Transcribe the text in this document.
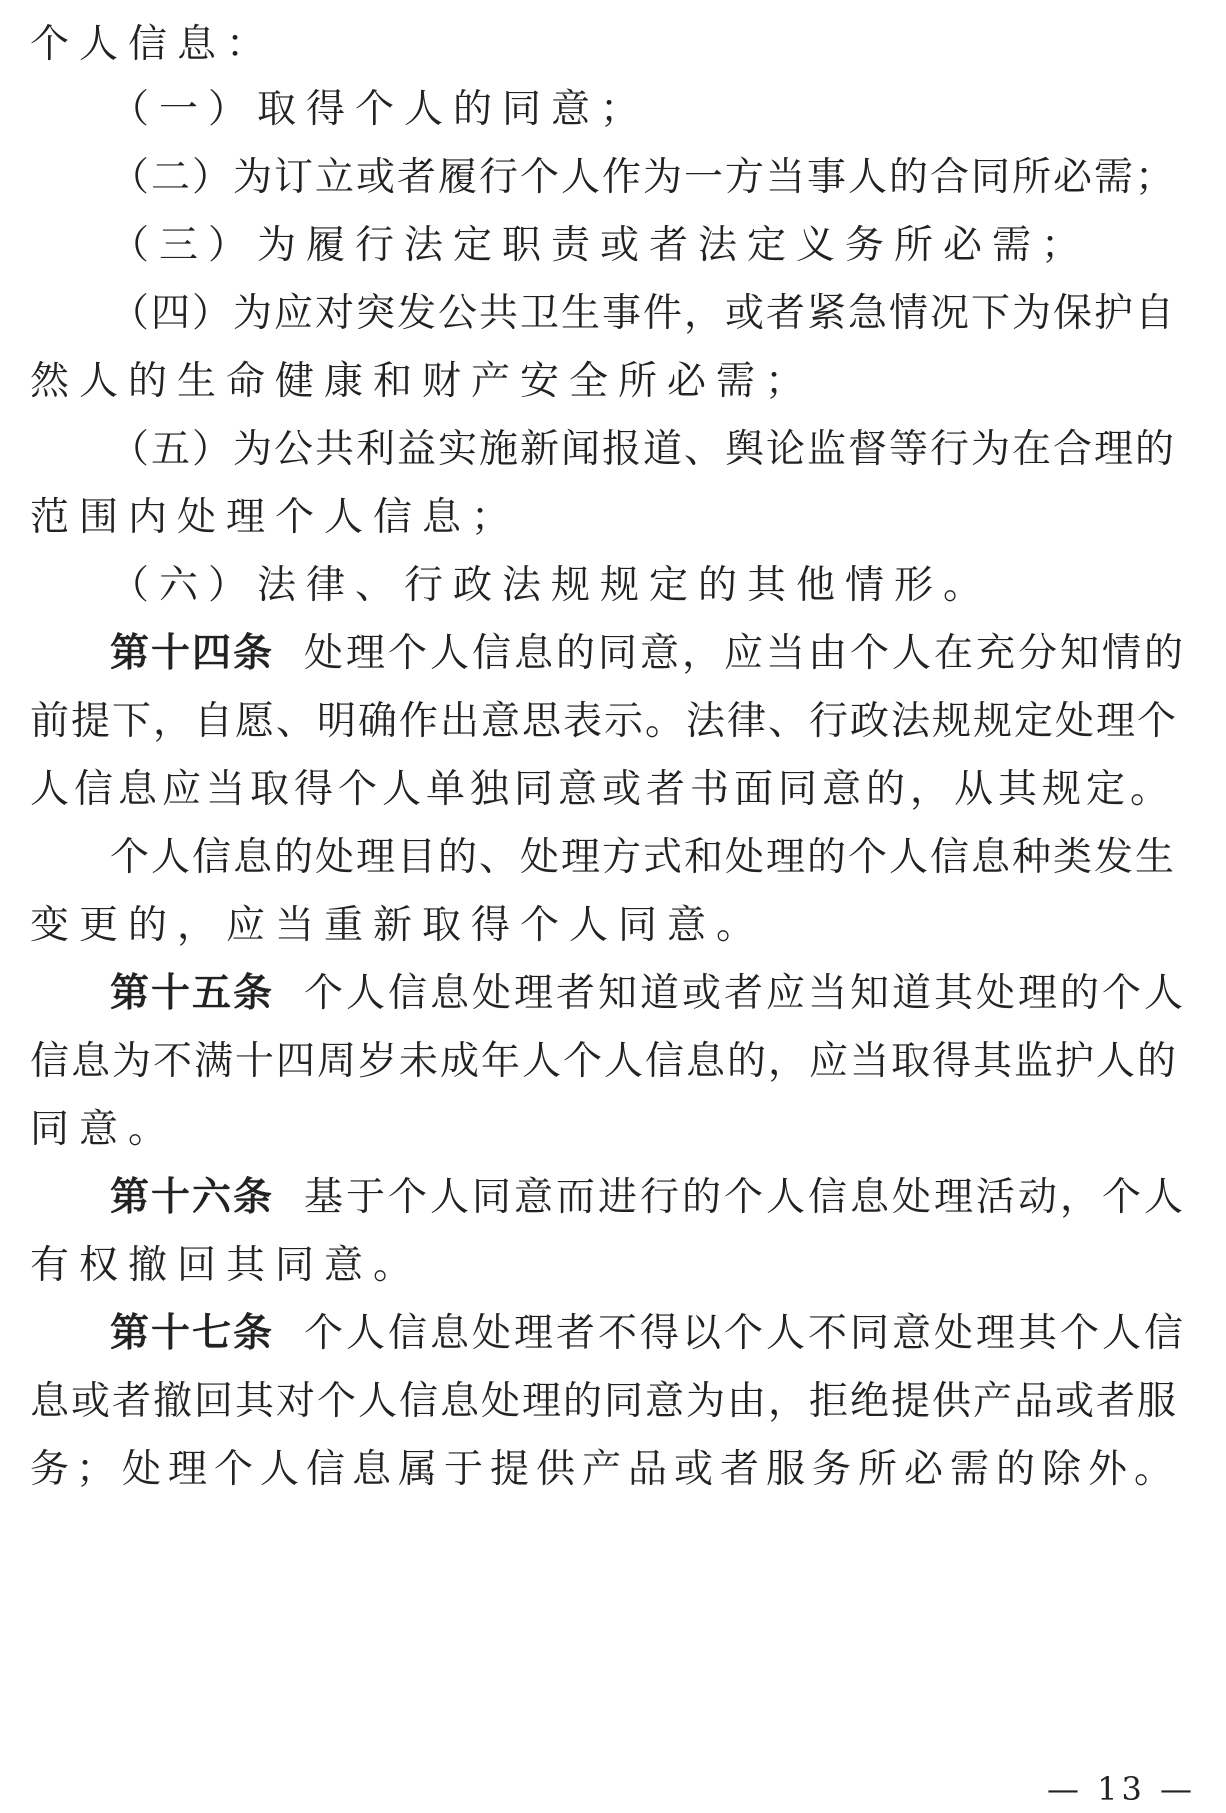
个人信息：
（一）取得个人的同意；
（二）为订立或者履行个人作为一方当事人的合同所必需；
（三）为履行法定职责或者法定义务所必需；
（四）为应对突发公共卫生事件，或者紧急情况下为保护自
然人的生命健康和财产安全所必需；
（五）为公共利益实施新闻报道、舆论监督等行为在合理的
范围内处理个人信息；
（六）法律、行政法规规定的其他情形。
第十四条 处理个人信息的同意，应当由个人在充分知情的
前提下，自愿、明确作出意思表示。法律、行政法规规定处理个
人信息应当取得个人单独同意或者书面同意的，从其规定。
个人信息的处理目的、处理方式和处理的个人信息种类发生
变更的，应当重新取得个人同意。
第十五条 个人信息处理者知道或者应当知道其处理的个人
信息为不满十四周岁未成年人个人信息的，应当取得其监护人的
同意。
第十六条 基于个人同意而进行的个人信息处理活动，个人
有权撤回其同意。
第十七条 个人信息处理者不得以个人不同意处理其个人信
息或者撤回其对个人信息处理的同意为由，拒绝提供产品或者服
务；处理个人信息属于提供产品或者服务所必需的除外。
— 13 —
